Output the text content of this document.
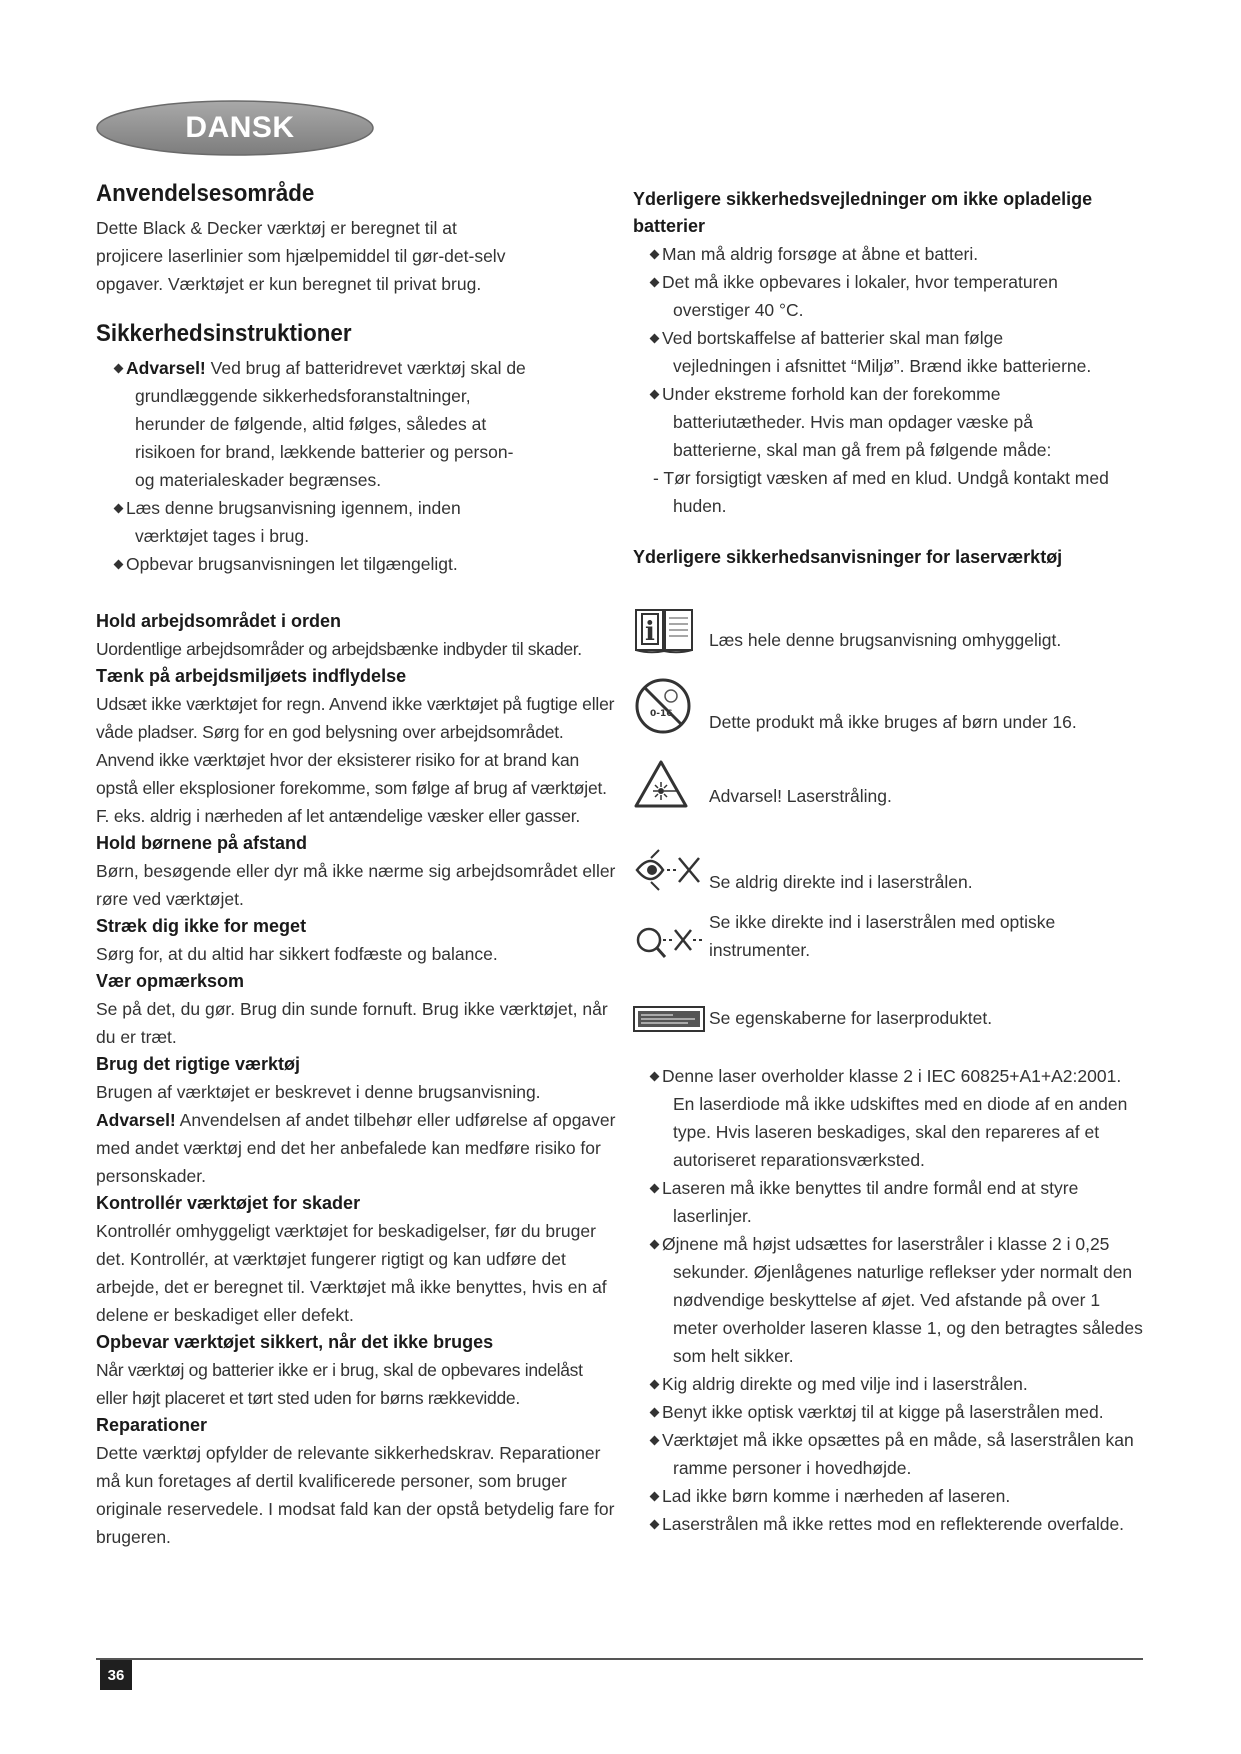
DANSK
Anvendelsesområde

Dette Black & Decker værktøj er beregnet til at projicere laserlinier som hjælpemiddel til gør-det-selv opgaver. Værktøjet er kun beregnet til privat brug.

Sikkerhedsinstruktioner
Advarsel! Ved brug af batteridrevet værktøj skal de grundlæggende sikkerhedsforanstaltninger, herunder de følgende, altid følges, således at risikoen for brand, lækkende batterier og person- og materialeskader begrænses.
Læs denne brugsanvisning igennem, inden værktøjet tages i brug.
Opbevar brugsanvisningen let tilgængeligt.
Hold arbejdsområdet i orden

Uordentlige arbejdsområder og arbejdsbænke indbyder til skader.

Tænk på arbejdsmiljøets indflydelse

Udsæt ikke værktøjet for regn. Anvend ikke værktøjet på fugtige eller våde pladser. Sørg for en god belysning over arbejdsområdet. Anvend ikke værktøjet hvor der eksisterer risiko for at brand kan opstå eller eksplosioner forekomme, som følge af brug af værktøjet. F. eks. aldrig i nærheden af let antændelige væsker eller gasser.

Hold børnene på afstand

Børn, besøgende eller dyr må ikke nærme sig arbejdsområdet eller røre ved værktøjet.

Stræk dig ikke for meget

Sørg for, at du altid har sikkert fodfæste og balance.

Vær opmærksom

Se på det, du gør. Brug din sunde fornuft. Brug ikke værktøjet, når du er træt.

Brug det rigtige værktøj

Brugen af værktøjet er beskrevet i denne brugsanvisning.
Advarsel! Anvendelsen af andet tilbehør eller udførelse af opgaver med andet værktøj end det her anbefalede kan medføre risiko for personskader.

Kontrollér værktøjet for skader

Kontrollér omhyggeligt værktøjet for beskadigelser, før du bruger det. Kontrollér, at værktøjet fungerer rigtigt og kan udføre det arbejde, det er beregnet til. Værktøjet må ikke benyttes, hvis en af delene er beskadiget eller defekt.

Opbevar værktøjet sikkert, når det ikke bruges

Når værktøj og batterier ikke er i brug, skal de opbevares indelåst eller højt placeret et tørt sted uden for børns rækkevidde.

Reparationer

Dette værktøj opfylder de relevante sikkerhedskrav. Reparationer må kun foretages af dertil kvalificerede personer, som bruger originale reservedele. I modsat fald kan der opstå betydelig fare for brugeren.

Yderligere sikkerhedsvejledninger om ikke opladelige batterier
Man må aldrig forsøge at åbne et batteri.
Det må ikke opbevares i lokaler, hvor temperaturen overstiger 40 °C.
Ved bortskaffelse af batterier skal man følge vejledningen i afsnittet “Miljø”. Brænd ikke batterierne.
Under ekstreme forhold kan der forekomme batteriutætheder. Hvis man opdager væske på batterierne, skal man gå frem på følgende måde:

- Tør forsigtigt væsken af med en klud. Undgå kontakt med huden.

Yderligere sikkerhedsanvisninger for laserværktøj
i	Læs hele denne brugsanvisning omhyggeligt.
0-16 Dette produkt må ikke bruges af børn under 16.
Advarsel! Laserstråling.
Se aldrig direkte ind i laserstrålen.
Se ikke direkte ind i laserstrålen med optiske instrumenter.
Se egenskaberne for laserproduktet.
Denne laser overholder klasse 2 i IEC 60825+A1+A2:2001. En laserdiode må ikke udskiftes med en diode af en anden type. Hvis laseren beskadiges, skal den repareres af et autoriseret reparationsværksted.
Laseren må ikke benyttes til andre formål end at styre laserlinjer.
Øjnene må højst udsættes for laserstråler i klasse 2 i 0,25 sekunder. Øjenlågenes naturlige reflekser yder normalt den nødvendige beskyttelse af øjet. Ved afstande på over 1 meter overholder laseren klasse 1, og den betragtes således som helt sikker.
Kig aldrig direkte og med vilje ind i laserstrålen.
Benyt ikke optisk værktøj til at kigge på laserstrålen med.
Værktøjet må ikke opsættes på en måde, så laserstrålen kan ramme personer i hovedhøjde.
Lad ikke børn komme i nærheden af laseren.
Laserstrålen må ikke rettes mod en reflekterende overfalde.
36
